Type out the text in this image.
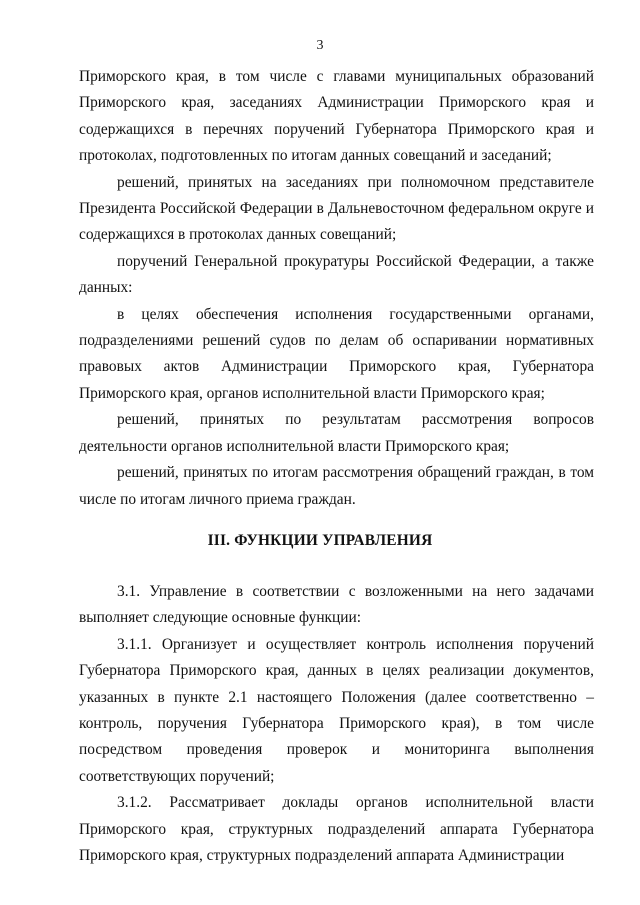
3

Приморского края, в том числе с главами муниципальных образований Приморского края, заседаниях Администрации Приморского края и содержащихся в перечнях поручений Губернатора Приморского края и протоколах, подготовленных по итогам данных совещаний и заседаний;

решений, принятых на заседаниях при полномочном представителе Президента Российской Федерации в Дальневосточном федеральном округе и содержащихся в протоколах данных совещаний;

поручений Генеральной прокуратуры Российской Федерации, а также данных:

в целях обеспечения исполнения государственными органами, подразделениями решений судов по делам об оспаривании нормативных правовых актов Администрации Приморского края, Губернатора Приморского края, органов исполнительной власти Приморского края;

решений, принятых по результатам рассмотрения вопросов деятельности органов исполнительной власти Приморского края;

решений, принятых по итогам рассмотрения обращений граждан, в том числе по итогам личного приема граждан.

III. ФУНКЦИИ УПРАВЛЕНИЯ

3.1. Управление в соответствии с возложенными на него задачами выполняет следующие основные функции:

3.1.1. Организует и осуществляет контроль исполнения поручений Губернатора Приморского края, данных в целях реализации документов, указанных в пункте 2.1 настоящего Положения (далее соответственно – контроль, поручения Губернатора Приморского края), в том числе посредством проведения проверок и мониторинга выполнения соответствующих поручений;

3.1.2. Рассматривает доклады органов исполнительной власти Приморского края, структурных подразделений аппарата Губернатора Приморского края, структурных подразделений аппарата Администрации
